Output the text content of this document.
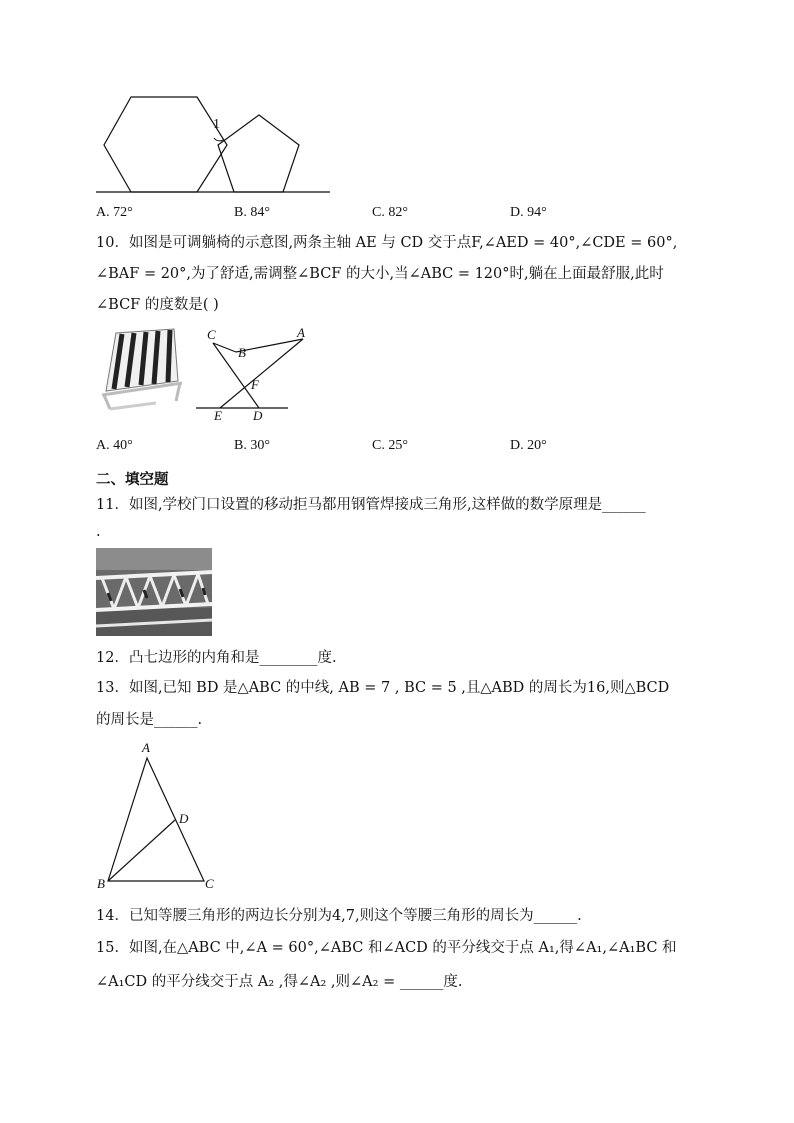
1
A. 72°	B. 84°	C. 82°	D. 94°
10．如图是可调躺椅的示意图,两条主轴 AE 与 CD 交于点F,∠AED = 40°,∠CDE = 60°,
∠BAF = 20°,为了舒适,需调整∠BCF 的大小,当∠ABC = 120°时,躺在上面最舒服,此时
∠BCF 的度数是( )
C	A
B
F
E D
A. 40°	B. 30°	C. 25°	D. 20°
二、填空题
11．如图,学校门口设置的移动拒马都用钢管焊接成三角形,这样做的数学原理是______
.
12．凸七边形的内角和是________度.
13．如图,已知 BD 是△ABC 的中线, AB = 7 , BC = 5 ,且△ABD 的周长为16,则△BCD
的周长是______.
A
D
B	C
14．已知等腰三角形的两边长分别为4,7,则这个等腰三角形的周长为______.
15．如图,在△ABC 中,∠A = 60°,∠ABC 和∠ACD 的平分线交于点 A₁,得∠A₁,∠A₁BC 和
∠A₁CD 的平分线交于点 A₂ ,得∠A₂ ,则∠A₂ = ______度.
